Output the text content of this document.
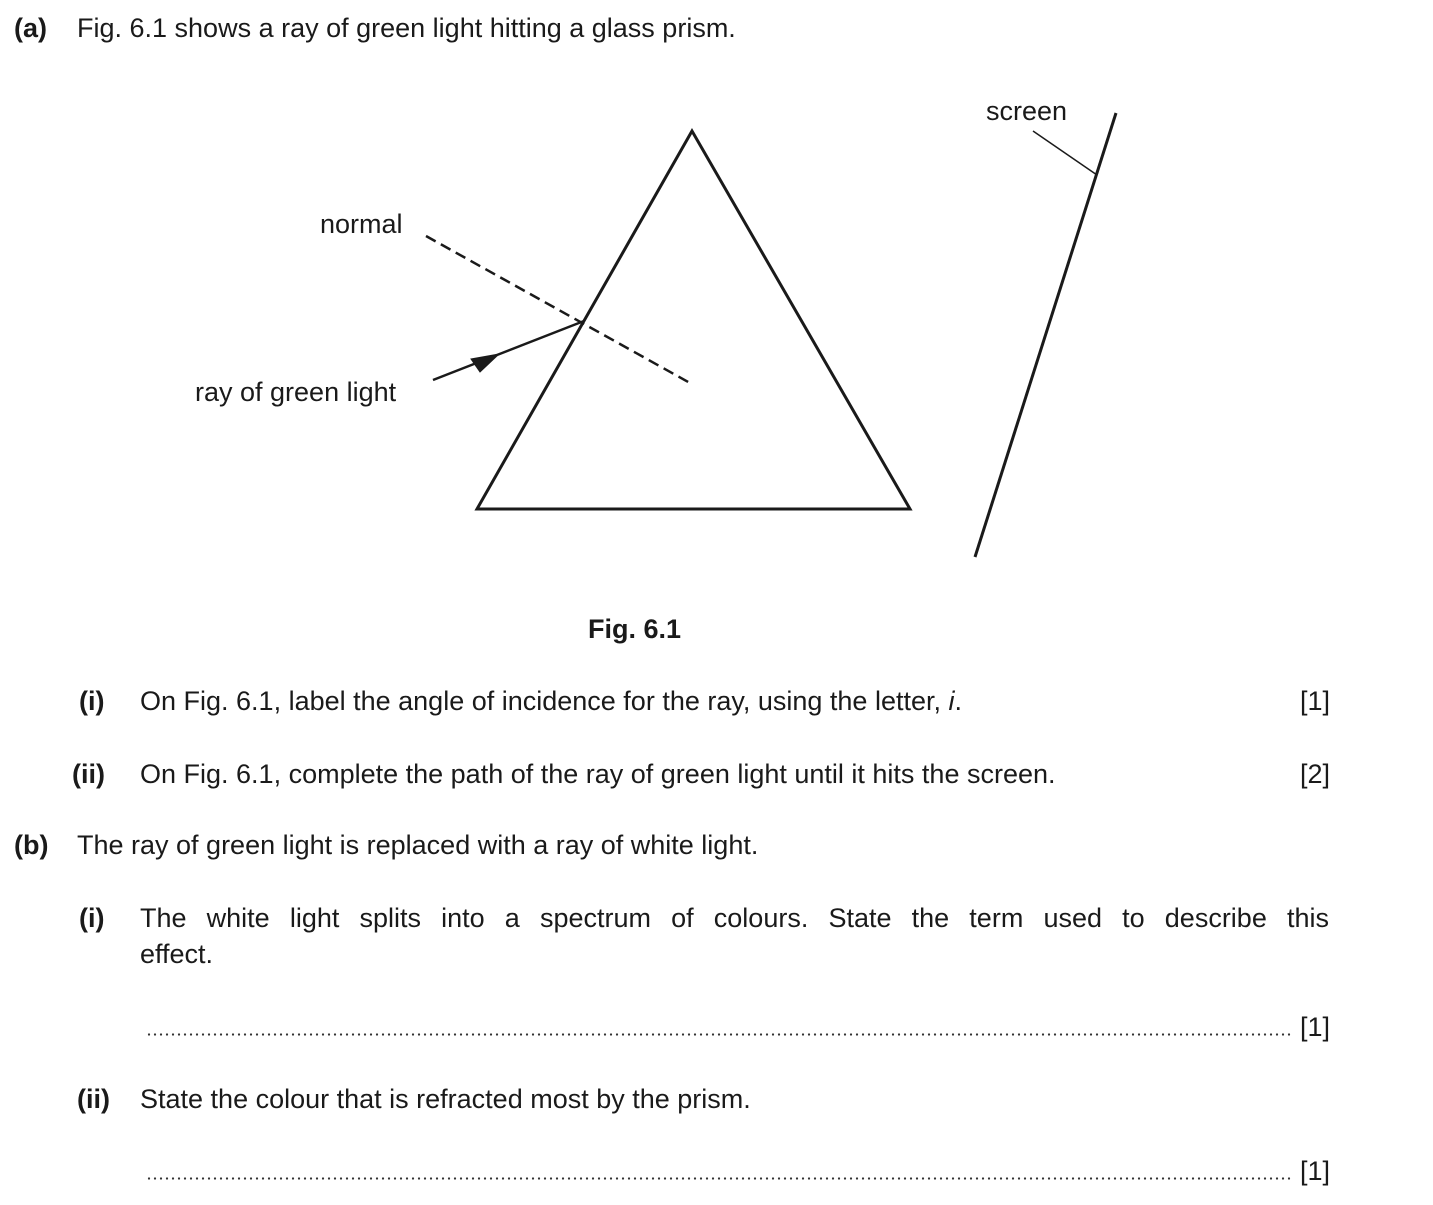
(a) Fig. 6.1 shows a ray of green light hitting a glass prism.
screen
normal
ray of green light
Fig. 6.1
(i) On Fig. 6.1, label the angle of incidence for the ray, using the letter, i.	[1]
(ii) On Fig. 6.1, complete the path of the ray of green light until it hits the screen.	[2]
(b) The ray of green light is replaced with a ray of white light.
(i) The white light splits into a spectrum of colours. State the term used to describe this
effect.
[1]
(ii) State the colour that is refracted most by the prism.
[1]
